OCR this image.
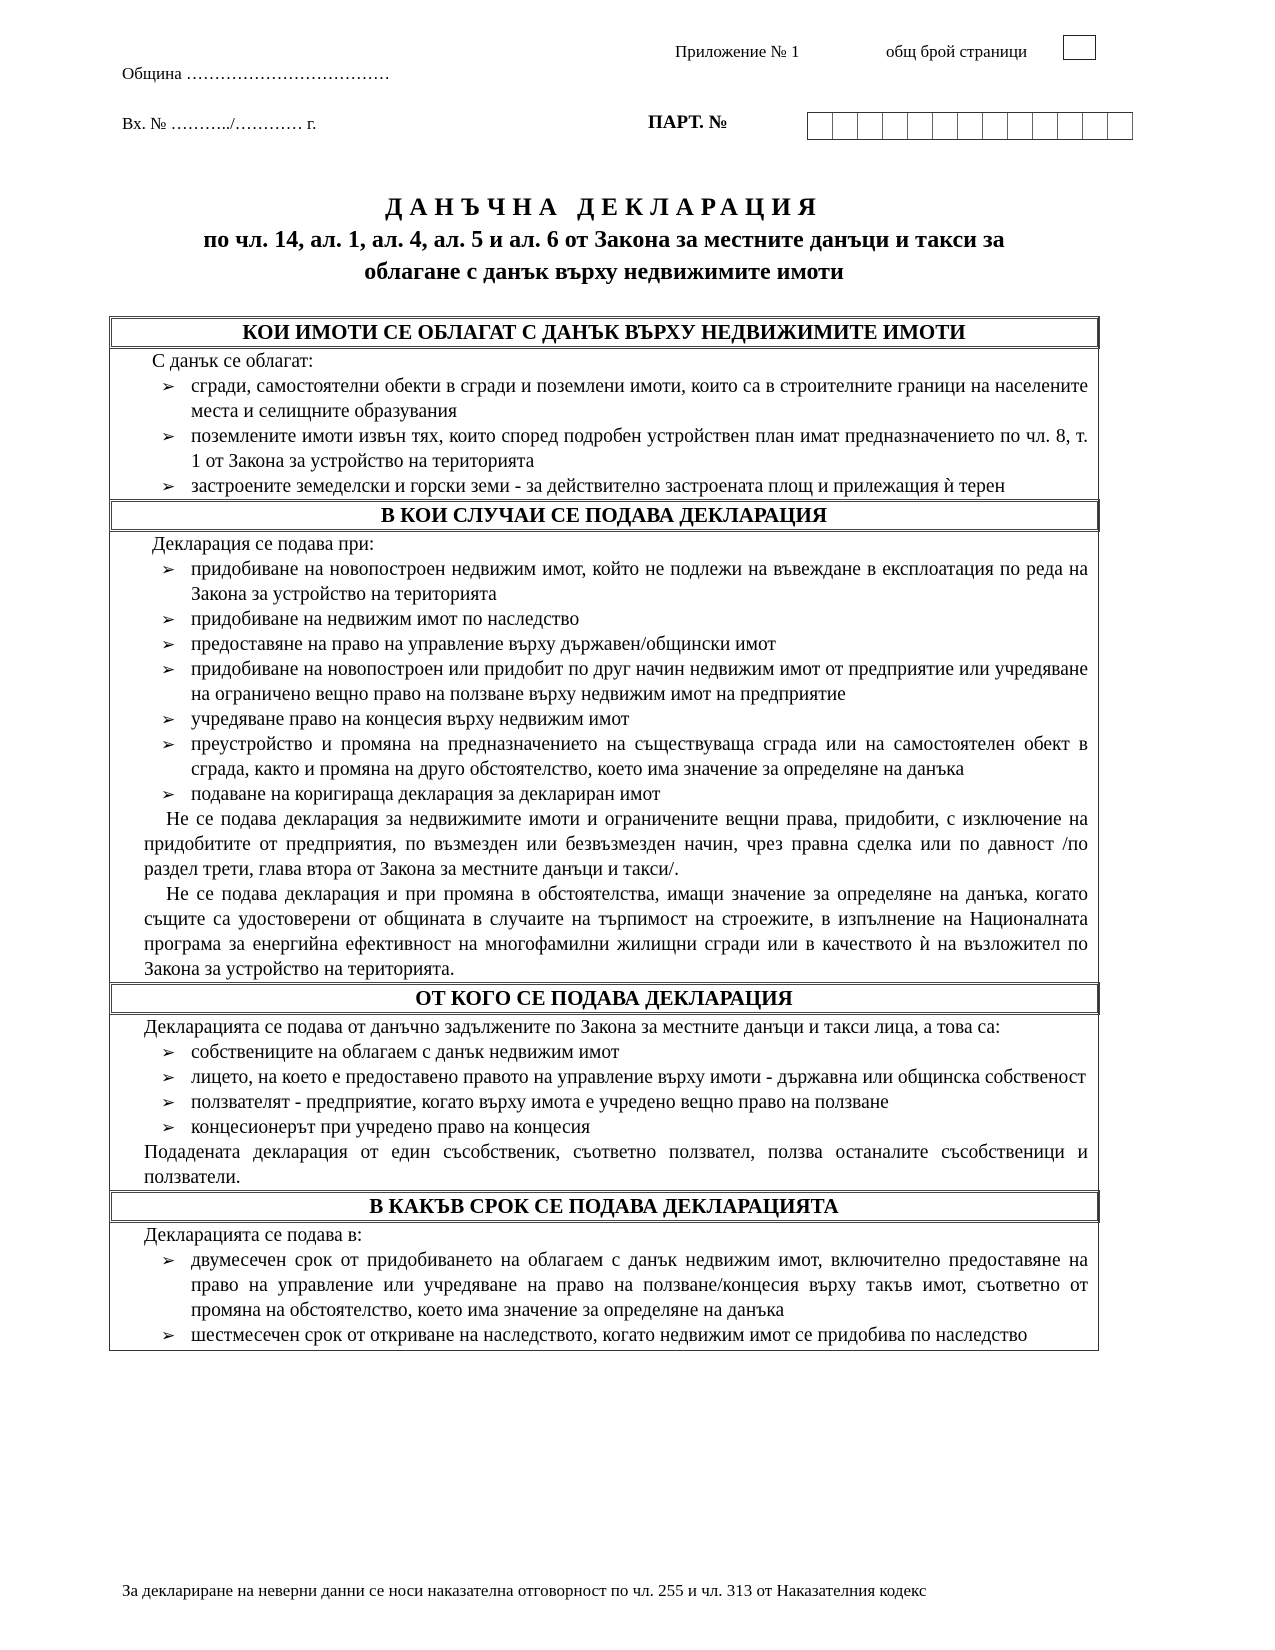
Приложение № 1	общ брой страници
Община ………………………………
Вх. № ………../………… г.	ПАРТ. №
ДАНЪЧНА ДЕКЛАРАЦИЯ
по чл. 14, ал. 1, ал. 4, ал. 5 и ал. 6 от Закона за местните данъци и такси за
облагане с данък върху недвижимите имоти
КОИ ИМОТИ СЕ ОБЛАГАТ С ДАНЪК ВЪРХУ НЕДВИЖИМИТЕ ИМОТИ
С данък се облагат:
➢ сгради, самостоятелни обекти в сгради и поземлени имоти, които са в строителните граници на населените места и селищните образувания
➢ поземлените имоти извън тях, които според подробен устройствен план имат предназначението по чл. 8, т. 1 от Закона за устройство на територията
➢ застроените земеделски и горски земи - за действително застроената площ и прилежащия ѝ терен
В КОИ СЛУЧАИ СЕ ПОДАВА ДЕКЛАРАЦИЯ
Декларация се подава при:
➢ придобиване на новопостроен недвижим имот, който не подлежи на въвеждане в експлоатация по реда на Закона за устройство на територията
➢ придобиване на недвижим имот по наследство
➢ предоставяне на право на управление върху държавен/общински имот
➢ придобиване на новопостроен или придобит по друг начин недвижим имот от предприятие или учредяване на ограничено вещно право на ползване върху недвижим имот на предприятие
➢ учредяване право на концесия върху недвижим имот
➢ преустройство и промяна на предназначението на съществуваща сграда или на самостоятелен обект в сграда, както и промяна на друго обстоятелство, което има значение за определяне на данъка
➢ подаване на коригираща декларация за деклариран имот
Не се подава декларация за недвижимите имоти и ограничените вещни права, придобити, с изключение на придобитите от предприятия, по възмезден или безвъзмезден начин, чрез правна сделка или по давност /по раздел трети, глава втора от Закона за местните данъци и такси/.
Не се подава декларация и при промяна в обстоятелства, имащи значение за определяне на данъка, когато същите са удостоверени от общината в случаите на търпимост на строежите, в изпълнение на Националната програма за енергийна ефективност на многофамилни жилищни сгради или в качеството ѝ на възложител по Закона за устройство на територията.
ОТ КОГО СЕ ПОДАВА ДЕКЛАРАЦИЯ
Декларацията се подава от данъчно задължените по Закона за местните данъци и такси лица, а това са:
➢ собствениците на облагаем с данък недвижим имот
➢ лицето, на което е предоставено правото на управление върху имоти - държавна или общинска собственост
➢ ползвателят - предприятие, когато върху имота е учредено вещно право на ползване
➢ концесионерът при учредено право на концесия
Подадената декларация от един съсобственик, съответно ползвател, ползва останалите съсобственици и ползватели.
В КАКЪВ СРОК СЕ ПОДАВА ДЕКЛАРАЦИЯТА
Декларацията се подава в:
➢ двумесечен срок от придобиването на облагаем с данък недвижим имот, включително предоставяне на право на управление или учредяване на право на ползване/концесия върху такъв имот, съответно от промяна на обстоятелство, което има значение за определяне на данъка
➢ шестмесечен срок от откриване на наследството, когато недвижим имот се придобива по наследство
За деклариране на неверни данни се носи наказателна отговорност по чл. 255 и чл. 313 от Наказателния кодекс
